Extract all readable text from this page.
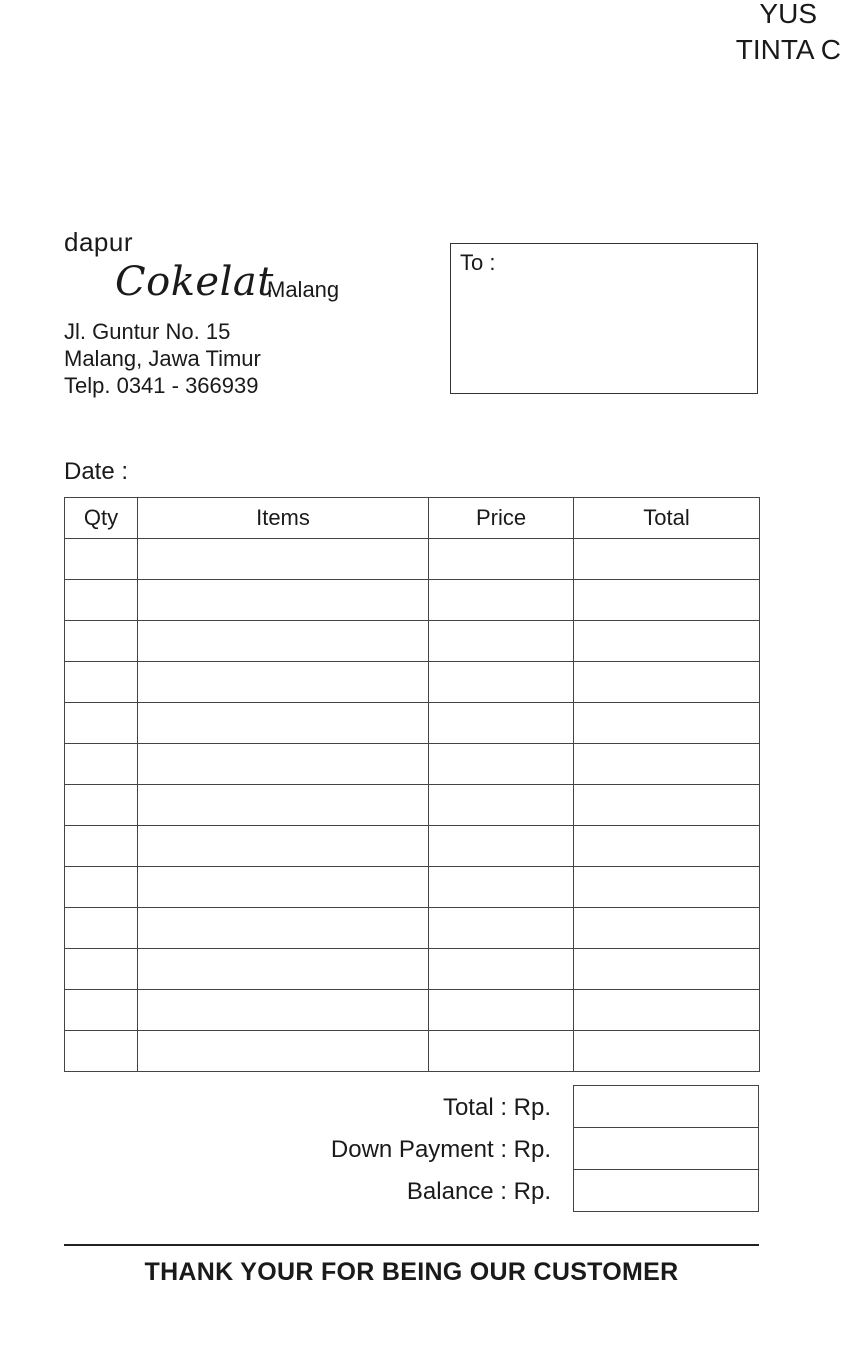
YUS
TINTA C
dapur
Cokelat
Malang
Jl. Guntur No. 15
Malang, Jawa Timur
Telp. 0341 - 366939
To :
Date :
Qty	Items	Price	Total

Total : Rp.
Down Payment : Rp.
Balance : Rp.
THANK YOUR FOR BEING OUR CUSTOMER
